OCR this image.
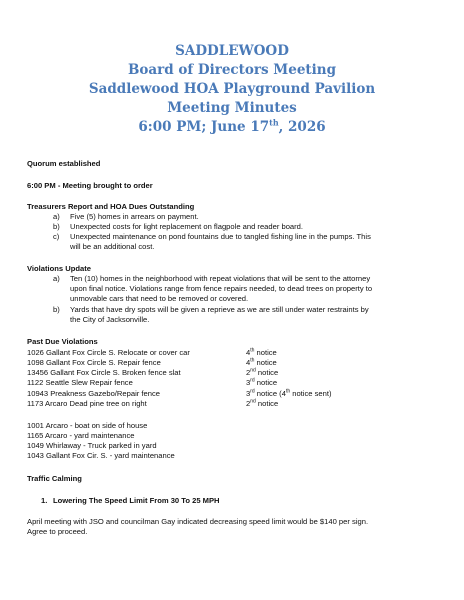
SADDLEWOOD
Board of Directors Meeting
Saddlewood HOA Playground Pavilion
Meeting Minutes
6:00 PM; June 17th, 2026
Quorum established
6:00 PM - Meeting brought to order
Treasurers Report and HOA Dues Outstanding
a) Five (5) homes in arrears on payment.
b) Unexpected costs for light replacement on flagpole and reader board.
c) Unexpected maintenance on pond fountains due to tangled fishing line in the pumps. This
will be an additional cost.
Violations Update
a) Ten (10) homes in the neighborhood with repeat violations that will be sent to the attorney
upon final notice. Violations range from fence repairs needed, to dead trees on property to
unmovable cars that need to be removed or covered.
b) Yards that have dry spots will be given a reprieve as we are still under water restraints by
the City of Jacksonville.
Past Due Violations
1026 Gallant Fox Circle S. Relocate or cover car	4th notice
1098 Gallant Fox Circle S. Repair fence	4th notice
13456 Gallant Fox Circle S. Broken fence slat	2nd notice
1122 Seattle Slew Repair fence	3rd notice
10943 Preakness Gazebo/Repair fence	3rd notice (4th notice sent)
1173 Arcaro Dead pine tree on right	2nd notice
1001 Arcaro - boat on side of house
1165 Arcaro - yard maintenance
1049 Whirlaway - Truck parked in yard
1043 Gallant Fox Cir. S. - yard maintenance
Traffic Calming
1. Lowering The Speed Limit From 30 To 25 MPH
April meeting with JSO and councilman Gay indicated decreasing speed limit would be $140 per sign.
Agree to proceed.
